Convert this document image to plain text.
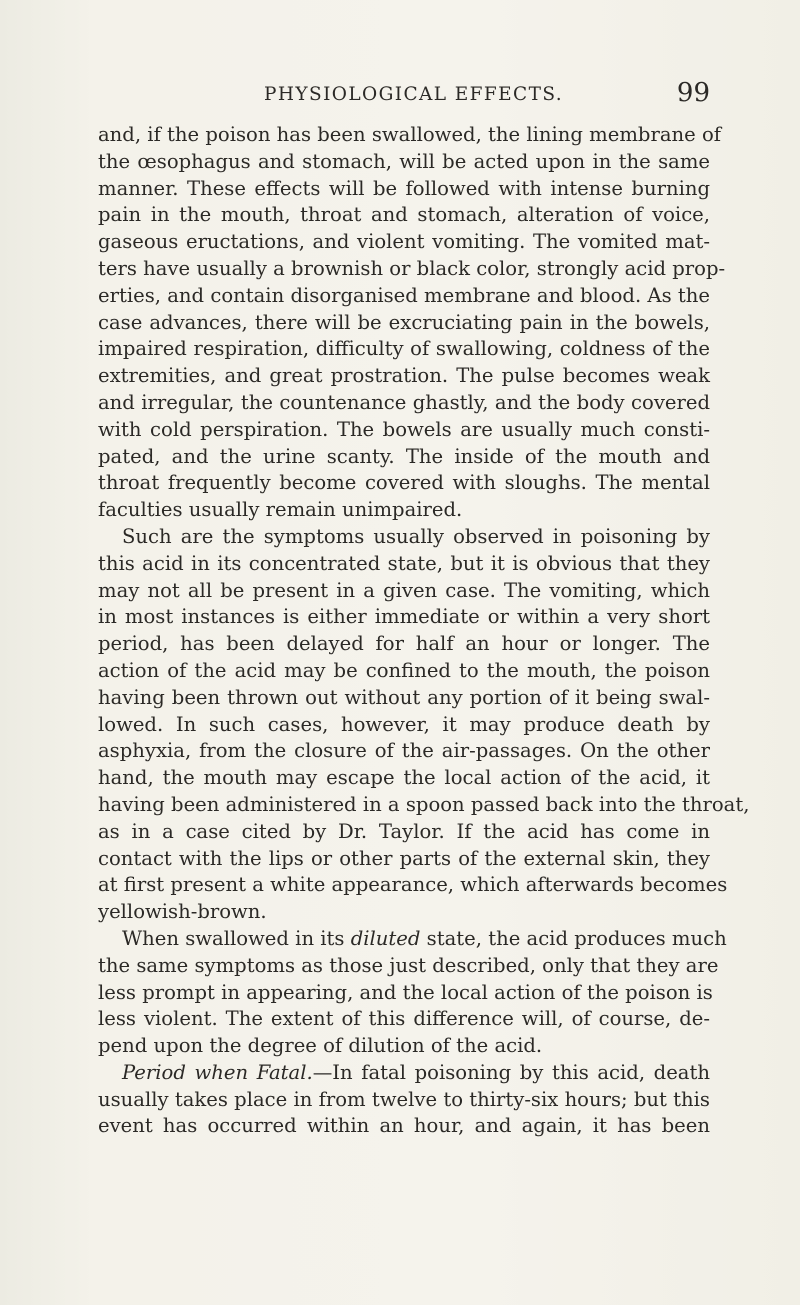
PHYSIOLOGICAL EFFECTS.	99
and, if the poison has been swallowed, the lining membrane of
the œsophagus and stomach, will be acted upon in the same
manner. These effects will be followed with intense burning
pain in the mouth, throat and stomach, alteration of voice,
gaseous eructations, and violent vomiting. The vomited mat-
ters have usually a brownish or black color, strongly acid prop-
erties, and contain disorganised membrane and blood. As the
case advances, there will be excruciating pain in the bowels,
impaired respiration, difficulty of swallowing, coldness of the
extremities, and great prostration. The pulse becomes weak
and irregular, the countenance ghastly, and the body covered
with cold perspiration. The bowels are usually much consti-
pated, and the urine scanty. The inside of the mouth and
throat frequently become covered with sloughs. The mental
faculties usually remain unimpaired.
Such are the symptoms usually observed in poisoning by
this acid in its concentrated state, but it is obvious that they
may not all be present in a given case. The vomiting, which
in most instances is either immediate or within a very short
period, has been delayed for half an hour or longer. The
action of the acid may be confined to the mouth, the poison
having been thrown out without any portion of it being swal-
lowed. In such cases, however, it may produce death by
asphyxia, from the closure of the air-passages. On the other
hand, the mouth may escape the local action of the acid, it
having been administered in a spoon passed back into the throat,
as in a case cited by Dr. Taylor. If the acid has come in
contact with the lips or other parts of the external skin, they
at first present a white appearance, which afterwards becomes
yellowish-brown.
When swallowed in its diluted state, the acid produces much
the same symptoms as those just described, only that they are
less prompt in appearing, and the local action of the poison is
less violent. The extent of this difference will, of course, de-
pend upon the degree of dilution of the acid.
Period when Fatal.—In fatal poisoning by this acid, death
usually takes place in from twelve to thirty-six hours; but this
event has occurred within an hour, and again, it has been
